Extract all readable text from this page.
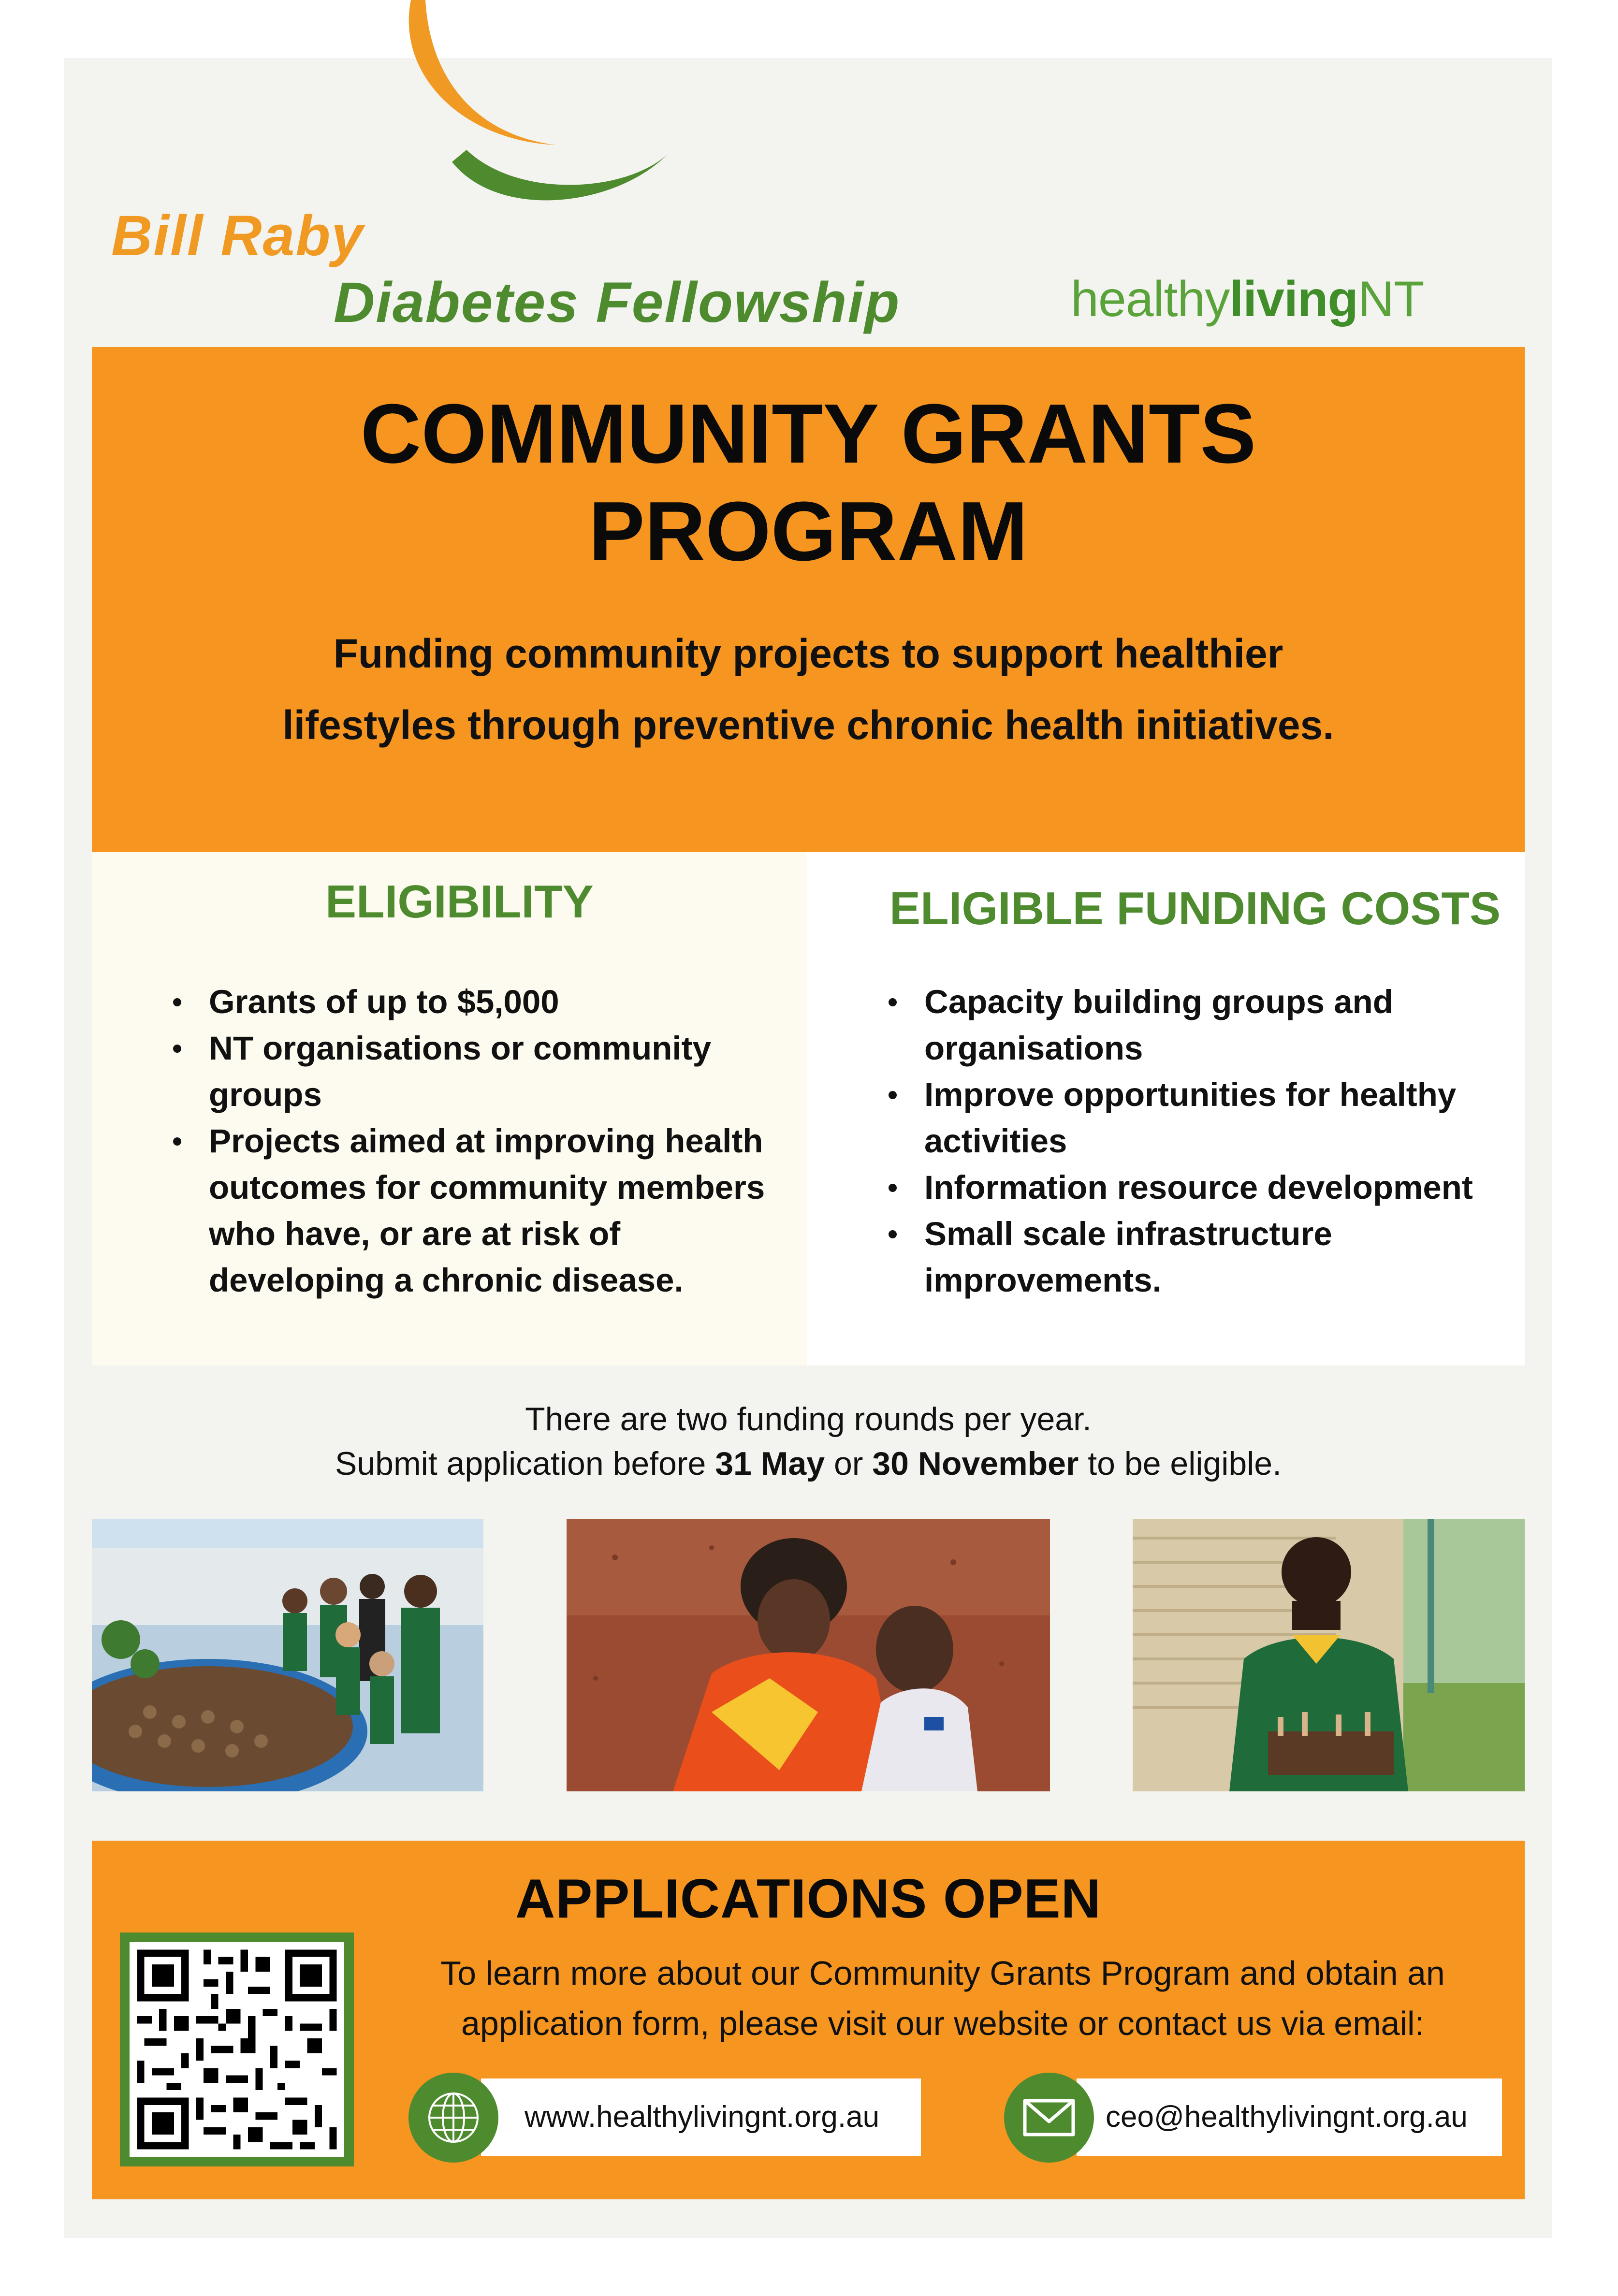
Bill Raby
Diabetes Fellowship	healthylivingNT
COMMUNITY GRANTS
PROGRAM
Funding community projects to support healthier
lifestyles through preventive chronic health initiatives.
ELIGIBILITY
Grants of up to $5,000
NT organisations or community groups
Projects aimed at improving health outcomes for community members who have, or are at risk of developing a chronic disease.
ELIGIBLE FUNDING COSTS
Capacity building groups and organisations
Improve opportunities for healthy activities
Information resource development
Small scale infrastructure improvements.
There are two funding rounds per year.
Submit application before 31 May or 30 November to be eligible.
APPLICATIONS OPEN
To learn more about our Community Grants Program and obtain an
application form, please visit our website or contact us via email:
www.healthylivingnt.org.au	ceo@healthylivingnt.org.au
